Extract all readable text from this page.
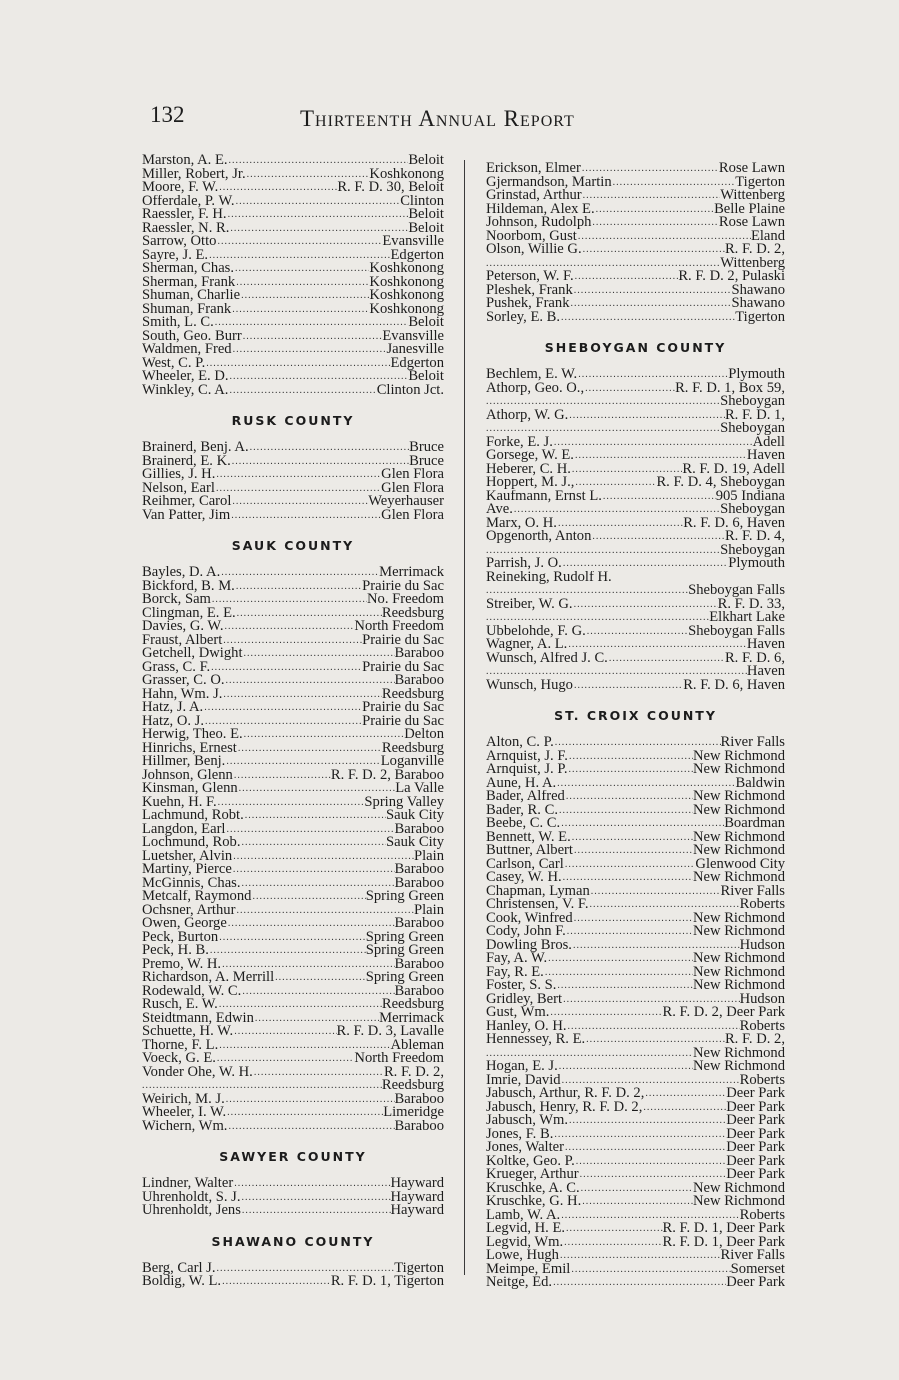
132	Thirteenth Annual Report
Marston, A. E. .....	Beloit
Miller, Robert, Jr. .....	Koshkonong
Moore, F. W. .....	R. F. D. 30, Beloit
Offerdale, P. W. .....	Clinton
Raessler, F. H. .....	Beloit
Raessler, N. R. .....	Beloit
Sarrow, Otto .....	Evansville
Sayre, J. E. .....	Edgerton
Sherman, Chas. .....	Koshkonong
Sherman, Frank .....	Koshkonong
Shuman, Charlie .....	Koshkonong
Shuman, Frank .....	Koshkonong
Smith, L. C. .....	Beloit
South, Geo. Burr .....	Evansville
Waldmen, Fred .....	Janesville
West, C. P. .....	Edgerton
Wheeler, E. D. .....	Beloit
Winkley, C. A. .....	Clinton Jct.
RUSK COUNTY
Brainerd, Benj. A. .....	Bruce
Brainerd, E. K. .....	Bruce
Gillies, J. H. .....	Glen Flora
Nelson, Earl .....	Glen Flora
Reihmer, Carol .....	Weyerhauser
Van Patter, Jim .....	Glen Flora
SAUK COUNTY
Bayles, D. A. .....	Merrimack
Bickford, B. M. .....	Prairie du Sac
Borck, Sam .....	No. Freedom
Clingman, E. E. .....	Reedsburg
Davies, G. W. .....	North Freedom
Fraust, Albert .....	Prairie du Sac
Getchell, Dwight .....	Baraboo
Grass, C. F. .....	Prairie du Sac
Grasser, C. O. .....	Baraboo
Hahn, Wm. J. .....	Reedsburg
Hatz, J. A. .....	Prairie du Sac
Hatz, O. J. .....	Prairie du Sac
Herwig, Theo. E. .....	Delton
Hinrichs, Ernest .....	Reedsburg
Hillmer, Benj. .....	Loganville
Johnson, Glenn .....	R. F. D. 2, Baraboo
Kinsman, Glenn .....	La Valle
Kuehn, H. F. .....	Spring Valley
Lachmund, Robt. .....	Sauk City
Langdon, Earl .....	Baraboo
Lochmund, Rob. .....	Sauk City
Luetsher, Alvin .....	Plain
Martiny, Pierce .....	Baraboo
McGinnis, Chas. .....	Baraboo
Metcalf, Raymond .....	Spring Green
Ochsner, Arthur .....	Plain
Owen, George .....	Baraboo
Peck, Burton .....	Spring Green
Peck, H. B. .....	Spring Green
Premo, W. H. .....	Baraboo
Richardson, A. Merrill .....	Spring Green
Rodewald, W. C. .....	Baraboo
Rusch, E. W. .....	Reedsburg
Steidtmann, Edwin .....	Merrimack
Schuette, H. W. .....	R. F. D. 3, Lavalle
Thorne, F. L. .....	Ableman
Voeck, G. E. .....	North Freedom
Vonder Ohe, W. H. .....	R. F. D. 2,
.....
Reedsburg
Weirich, M. J. .....	Baraboo
Wheeler, I. W. .....	Limeridge
Wichern, Wm. .....	Baraboo
SAWYER COUNTY
Lindner, Walter .....	Hayward
Uhrenholdt, S. J. .....	Hayward
Uhrenholdt, Jens .....	Hayward
SHAWANO COUNTY
Berg, Carl J. .....	Tigerton
Boldig, W. L. .....	R. F. D. 1, Tigerton
Erickson, Elmer .....	Rose Lawn
Gjermandson, Martin .....	Tigerton
Grinstad, Arthur .....	Wittenberg
Hildeman, Alex E. .....	Belle Plaine
Johnson, Rudolph .....	Rose Lawn
Noorbom, Gust .....	Eland
Olson, Willie G. .....	R. F. D. 2,
.....
Wittenberg
Peterson, W. F. .....	R. F. D. 2, Pulaski
Pleshek, Frank .....	Shawano
Pushek, Frank .....	Shawano
Sorley, E. B. .....	Tigerton
SHEBOYGAN COUNTY
Bechlem, E. W. .....	Plymouth
Athorp, Geo. O., .....	R. F. D. 1, Box 59,
.....
Sheboygan
Athorp, W. G. .....	R. F. D. 1,
.....
Sheboygan
Forke, E. J. .....	Adell
Gorsege, W. E. .....	Haven
Heberer, C. H. .....	R. F. D. 19, Adell
Hoppert, M. J., .....	R. F. D. 4, Sheboygan
Kaufmann, Ernst L. .....	905 Indiana
Ave. .....	Sheboygan
Marx, O. H. .....	R. F. D. 6, Haven
Opgenorth, Anton .....	R. F. D. 4,
.....
Sheboygan
Parrish, J. O. .....	Plymouth
Reineking, Rudolf H.
.....
Sheboygan Falls
Streiber, W. G. .....	R. F. D. 33,
.....
Elkhart Lake
Ubbelohde, F. G. .....	Sheboygan Falls
Wagner, A. L. .....	Haven
Wunsch, Alfred J. C. .....	R. F. D. 6,
.....
Haven
Wunsch, Hugo .....	R. F. D. 6, Haven
ST. CROIX COUNTY
Alton, C. P. .....	River Falls
Arnquist, J. F. .....	New Richmond
Arnquist, J. P. .....	New Richmond
Aune, H. A. .....	Baldwin
Bader, Alfred .....	New Richmond
Bader, R. C. .....	New Richmond
Beebe, C. C. .....	Boardman
Bennett, W. E. .....	New Richmond
Buttner, Albert .....	New Richmond
Carlson, Carl .....	Glenwood City
Casey, W. H. .....	New Richmond
Chapman, Lyman .....	River Falls
Christensen, V. F. .....	Roberts
Cook, Winfred .....	New Richmond
Cody, John F. .....	New Richmond
Dowling Bros. .....	Hudson
Fay, A. W. .....	New Richmond
Fay, R. E. .....	New Richmond
Foster, S. S. .....	New Richmond
Gridley, Bert .....	Hudson
Gust, Wm. .....	R. F. D. 2, Deer Park
Hanley, O. H. .....	Roberts
Hennessey, R. E. .....	R. F. D. 2,
.....
New Richmond
Hogan, E. J. .....	New Richmond
Imrie, David .....	Roberts
Jabusch, Arthur, R. F. D. 2, .....	Deer Park
Jabusch, Henry, R. F. D. 2, .....	Deer Park
Jabusch, Wm. .....	Deer Park
Jones, F. B. .....	Deer Park
Jones, Walter .....	Deer Park
Koltke, Geo. P. .....	Deer Park
Krueger, Arthur .....	Deer Park
Kruschke, A. C. .....	New Richmond
Kruschke, G. H. .....	New Richmond
Lamb, W. A. .....	Roberts
Legvid, H. E. .....	R. F. D. 1, Deer Park
Legvid, Wm. .....	R. F. D. 1, Deer Park
Lowe, Hugh .....	River Falls
Meimpe, Emil .....	Somerset
Neitge, Ed. .....	Deer Park
